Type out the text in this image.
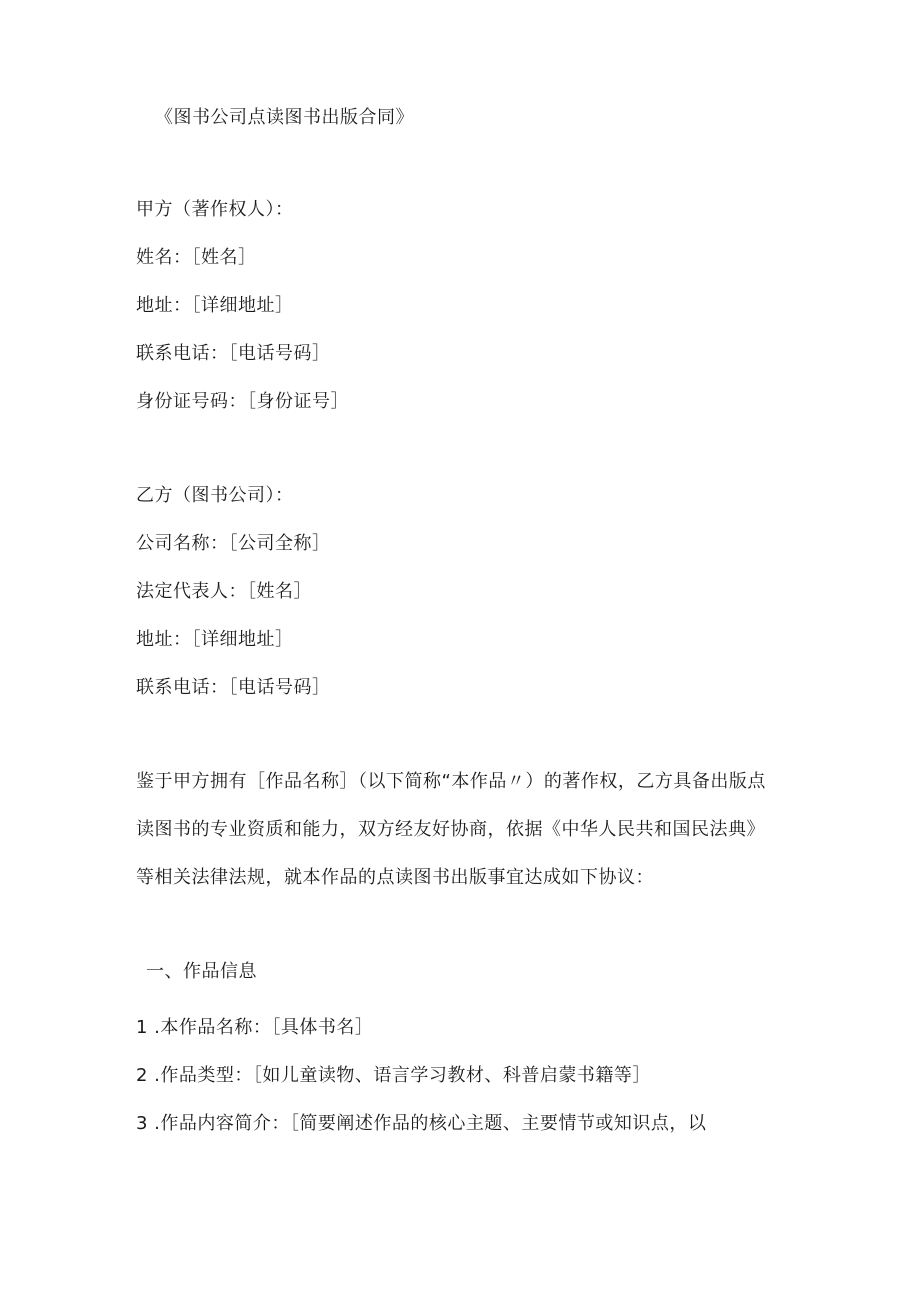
《图书公司点读图书出版合同》
甲方（著作权人）：
姓名：［姓名］
地址：［详细地址］
联系电话：［电话号码］
身份证号码：［身份证号］
乙方（图书公司）：
公司名称：［公司全称］
法定代表人：［姓名］
地址：［详细地址］
联系电话：［电话号码］
鉴于甲方拥有［作品名称］（以下简称“本作品〃）的著作权，乙方具备出版点
读图书的专业资质和能力，双方经友好协商，依据《中华人民共和国民法典》
等相关法律法规，就本作品的点读图书出版事宜达成如下协议：
一、作品信息
1 .本作品名称：［具体书名］
2 .作品类型：［如儿童读物、语言学习教材、科普启蒙书籍等］
3 .作品内容简介：［简要阐述作品的核心主题、主要情节或知识点，以
